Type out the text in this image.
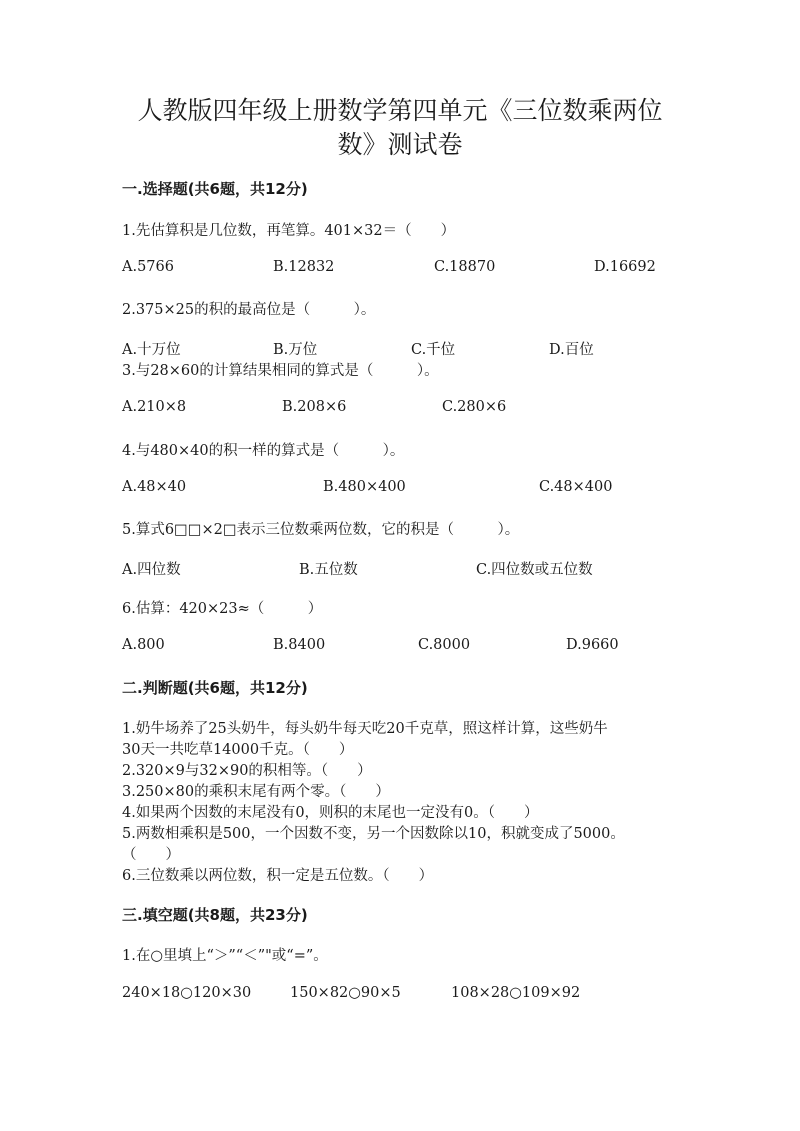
人教版四年级上册数学第四单元《三位数乘两位
数》测试卷
一.选择题(共6题，共12分)
1.先估算积是几位数，再笔算。401×32＝（　　）
A.5766	B.12832	C.18870	D.16692
2.375×25的积的最高位是（　　　）。
A.十万位	B.万位	C.千位	D.百位
3.与28×60的计算结果相同的算式是（　　　）。
A.210×8	B.208×6	C.280×6
4.与480×40的积一样的算式是（　　　）。
A.48×40	B.480×400	C.48×400
5.算式6□□×2□表示三位数乘两位数，它的积是（　　　）。
A.四位数	B.五位数	C.四位数或五位数
6.估算：420×23≈（　　　）
A.800	B.8400	C.8000	D.9660
二.判断题(共6题，共12分)
1.奶牛场养了25头奶牛，每头奶牛每天吃20千克草，照这样计算，这些奶牛
30天一共吃草14000千克。（　　）
2.320×9与32×90的积相等。（　　）
3.250×80的乘积末尾有两个零。（　　）
4.如果两个因数的末尾没有0，则积的末尾也一定没有0。（　　）
5.两数相乘积是500，一个因数不变，另一个因数除以10，积就变成了5000。
（　　）
6.三位数乘以两位数，积一定是五位数。（　　）
三.填空题(共8题，共23分)
1.在○里填上“＞”“＜”"或“=”。
240×18○120×30	150×82○90×5	108×28○109×92
